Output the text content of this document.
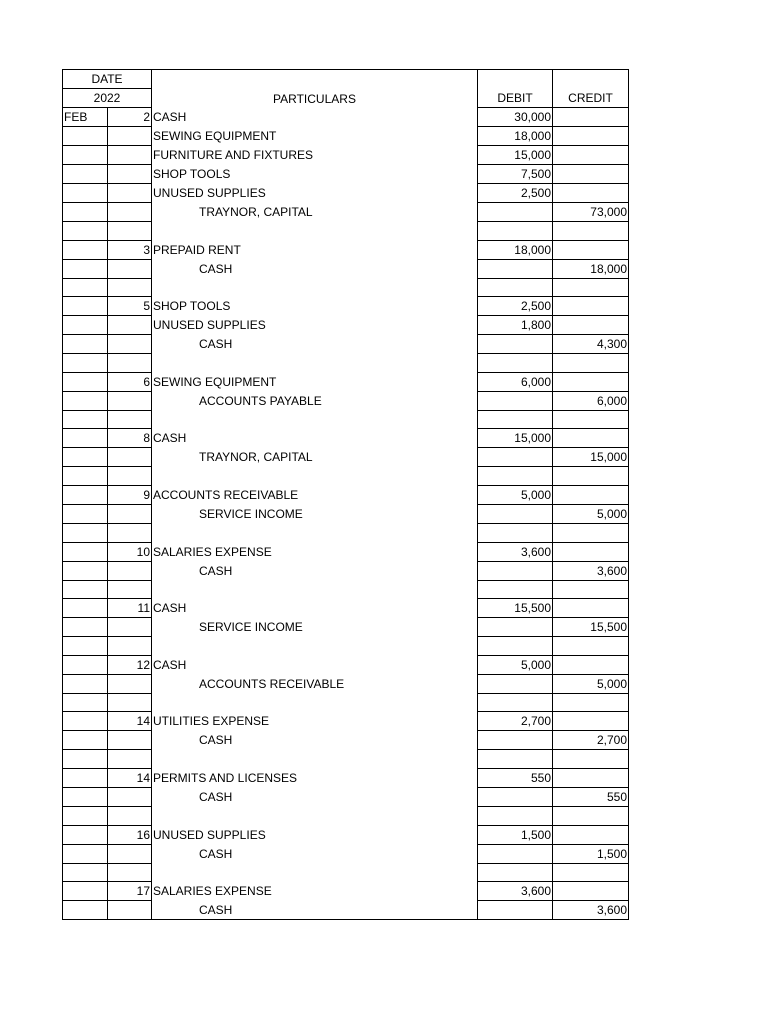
DATE		PARTICULARS	DEBIT	CREDIT
2022				
FEB	2	CASH	30,000	
		SEWING EQUIPMENT	18,000	
		FURNITURE AND FIXTURES	15,000	
		SHOP TOOLS	7,500	
		UNUSED SUPPLIES	2,500	
		TRAYNOR, CAPITAL		73,000

	3	PREPAID RENT	18,000	
		CASH		18,000

	5	SHOP TOOLS	2,500	
		UNUSED SUPPLIES	1,800	
		CASH		4,300

	6	SEWING EQUIPMENT	6,000	
		ACCOUNTS PAYABLE		6,000

	8	CASH	15,000	
		TRAYNOR, CAPITAL		15,000

	9	ACCOUNTS RECEIVABLE	5,000	
		SERVICE INCOME		5,000

	10	SALARIES EXPENSE	3,600	
		CASH		3,600

	11	CASH	15,500	
		SERVICE INCOME		15,500

	12	CASH	5,000	
		ACCOUNTS RECEIVABLE		5,000

	14	UTILITIES EXPENSE	2,700	
		CASH		2,700

	14	PERMITS AND LICENSES	550	
		CASH		550

	16	UNUSED SUPPLIES	1,500	
		CASH		1,500

	17	SALARIES EXPENSE	3,600	
		CASH		3,600
